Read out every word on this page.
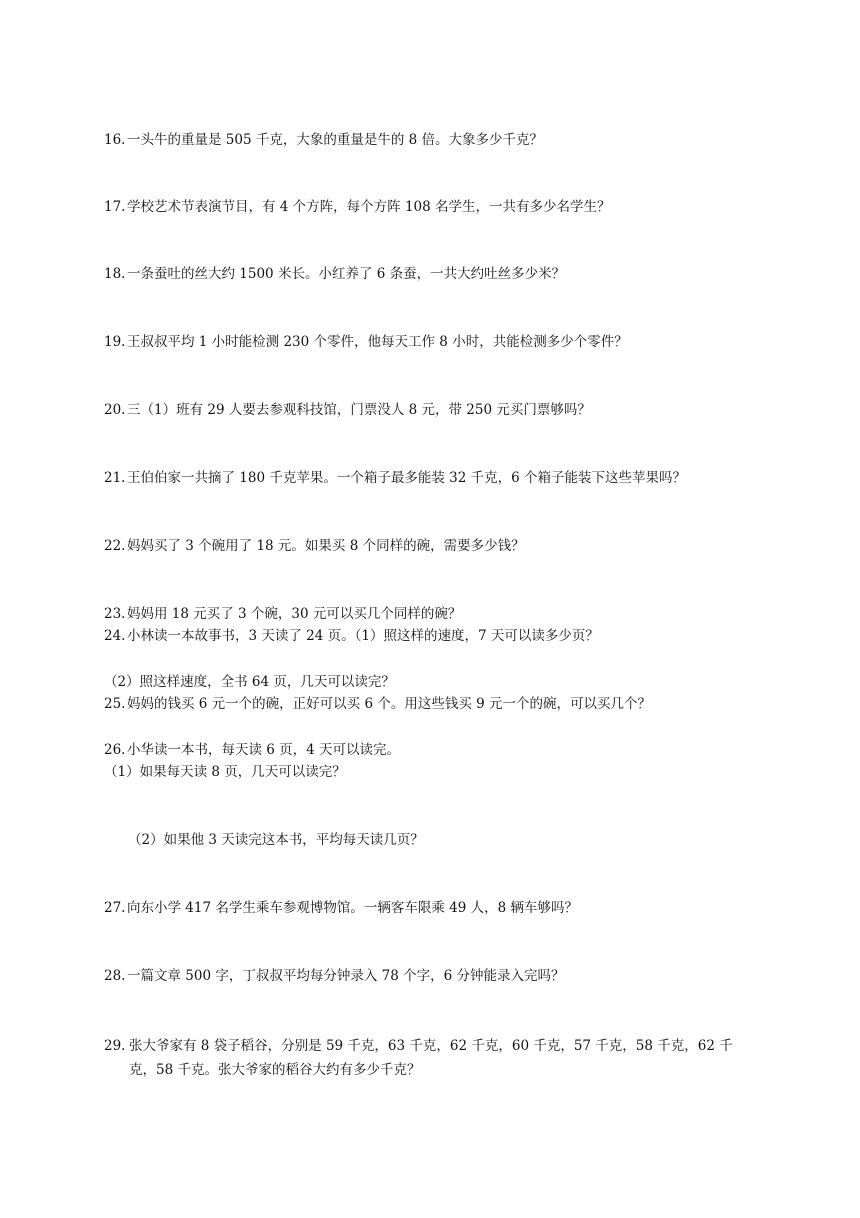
16. 一头牛的重量是 505 千克，大象的重量是牛的 8 倍。大象多少千克？
17. 学校艺术节表演节目，有 4 个方阵，每个方阵 108 名学生，一共有多少名学生？
18. 一条蚕吐的丝大约 1500 米长。小红养了 6 条蚕，一共大约吐丝多少米？
19. 王叔叔平均 1 小时能检测 230 个零件，他每天工作 8 小时，共能检测多少个零件？
20. 三（1）班有 29 人要去参观科技馆，门票没人 8 元，带 250 元买门票够吗？
21. 王伯伯家一共摘了 180 千克苹果。一个箱子最多能装 32 千克，6 个箱子能装下这些苹果吗？
22. 妈妈买了 3 个碗用了 18 元。如果买 8 个同样的碗，需要多少钱？
23. 妈妈用 18 元买了 3 个碗，30 元可以买几个同样的碗？
24. 小林读一本故事书，3 天读了 24 页。（1）照这样的速度，7 天可以读多少页？
（2）照这样速度，全书 64 页，几天可以读完？
25. 妈妈的钱买 6 元一个的碗，正好可以买 6 个。用这些钱买 9 元一个的碗，可以买几个？
26. 小华读一本书，每天读 6 页，4 天可以读完。
（1）如果每天读 8 页，几天可以读完？
（2）如果他 3 天读完这本书，平均每天读几页？
27. 向东小学 417 名学生乘车参观博物馆。一辆客车限乘 49 人，8 辆车够吗？
28. 一篇文章 500 字，丁叔叔平均每分钟录入 78 个字，6 分钟能录入完吗？
29. 张大爷家有 8 袋子稻谷，分别是 59 千克，63 千克，62 千克，60 千克，57 千克，58 千克，62 千
克，58 千克。张大爷家的稻谷大约有多少千克？
